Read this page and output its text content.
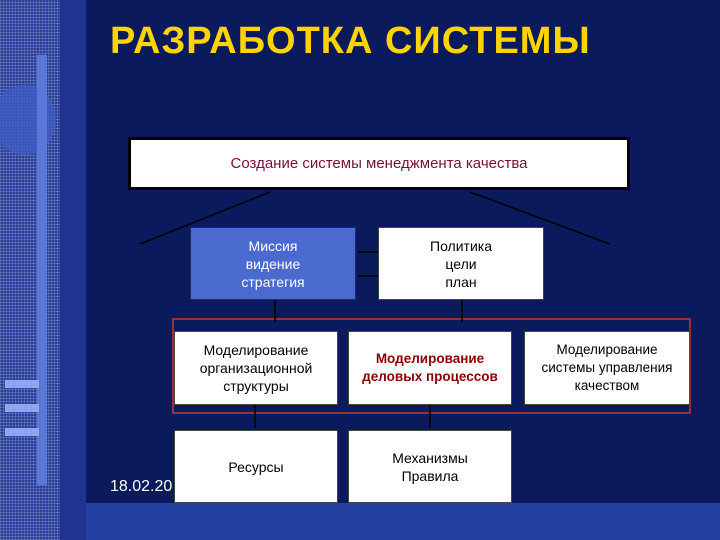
РАЗРАБОТКА СИСТЕМЫ
Создание системы менеджмента качества
Миссия
видение
стратегия
Политика
цели
план
Моделирование
организационной
структуры
Моделирование
деловых процессов
Моделирование
системы управления
качеством
Ресурсы
Механизмы
Правила
18.02.20
